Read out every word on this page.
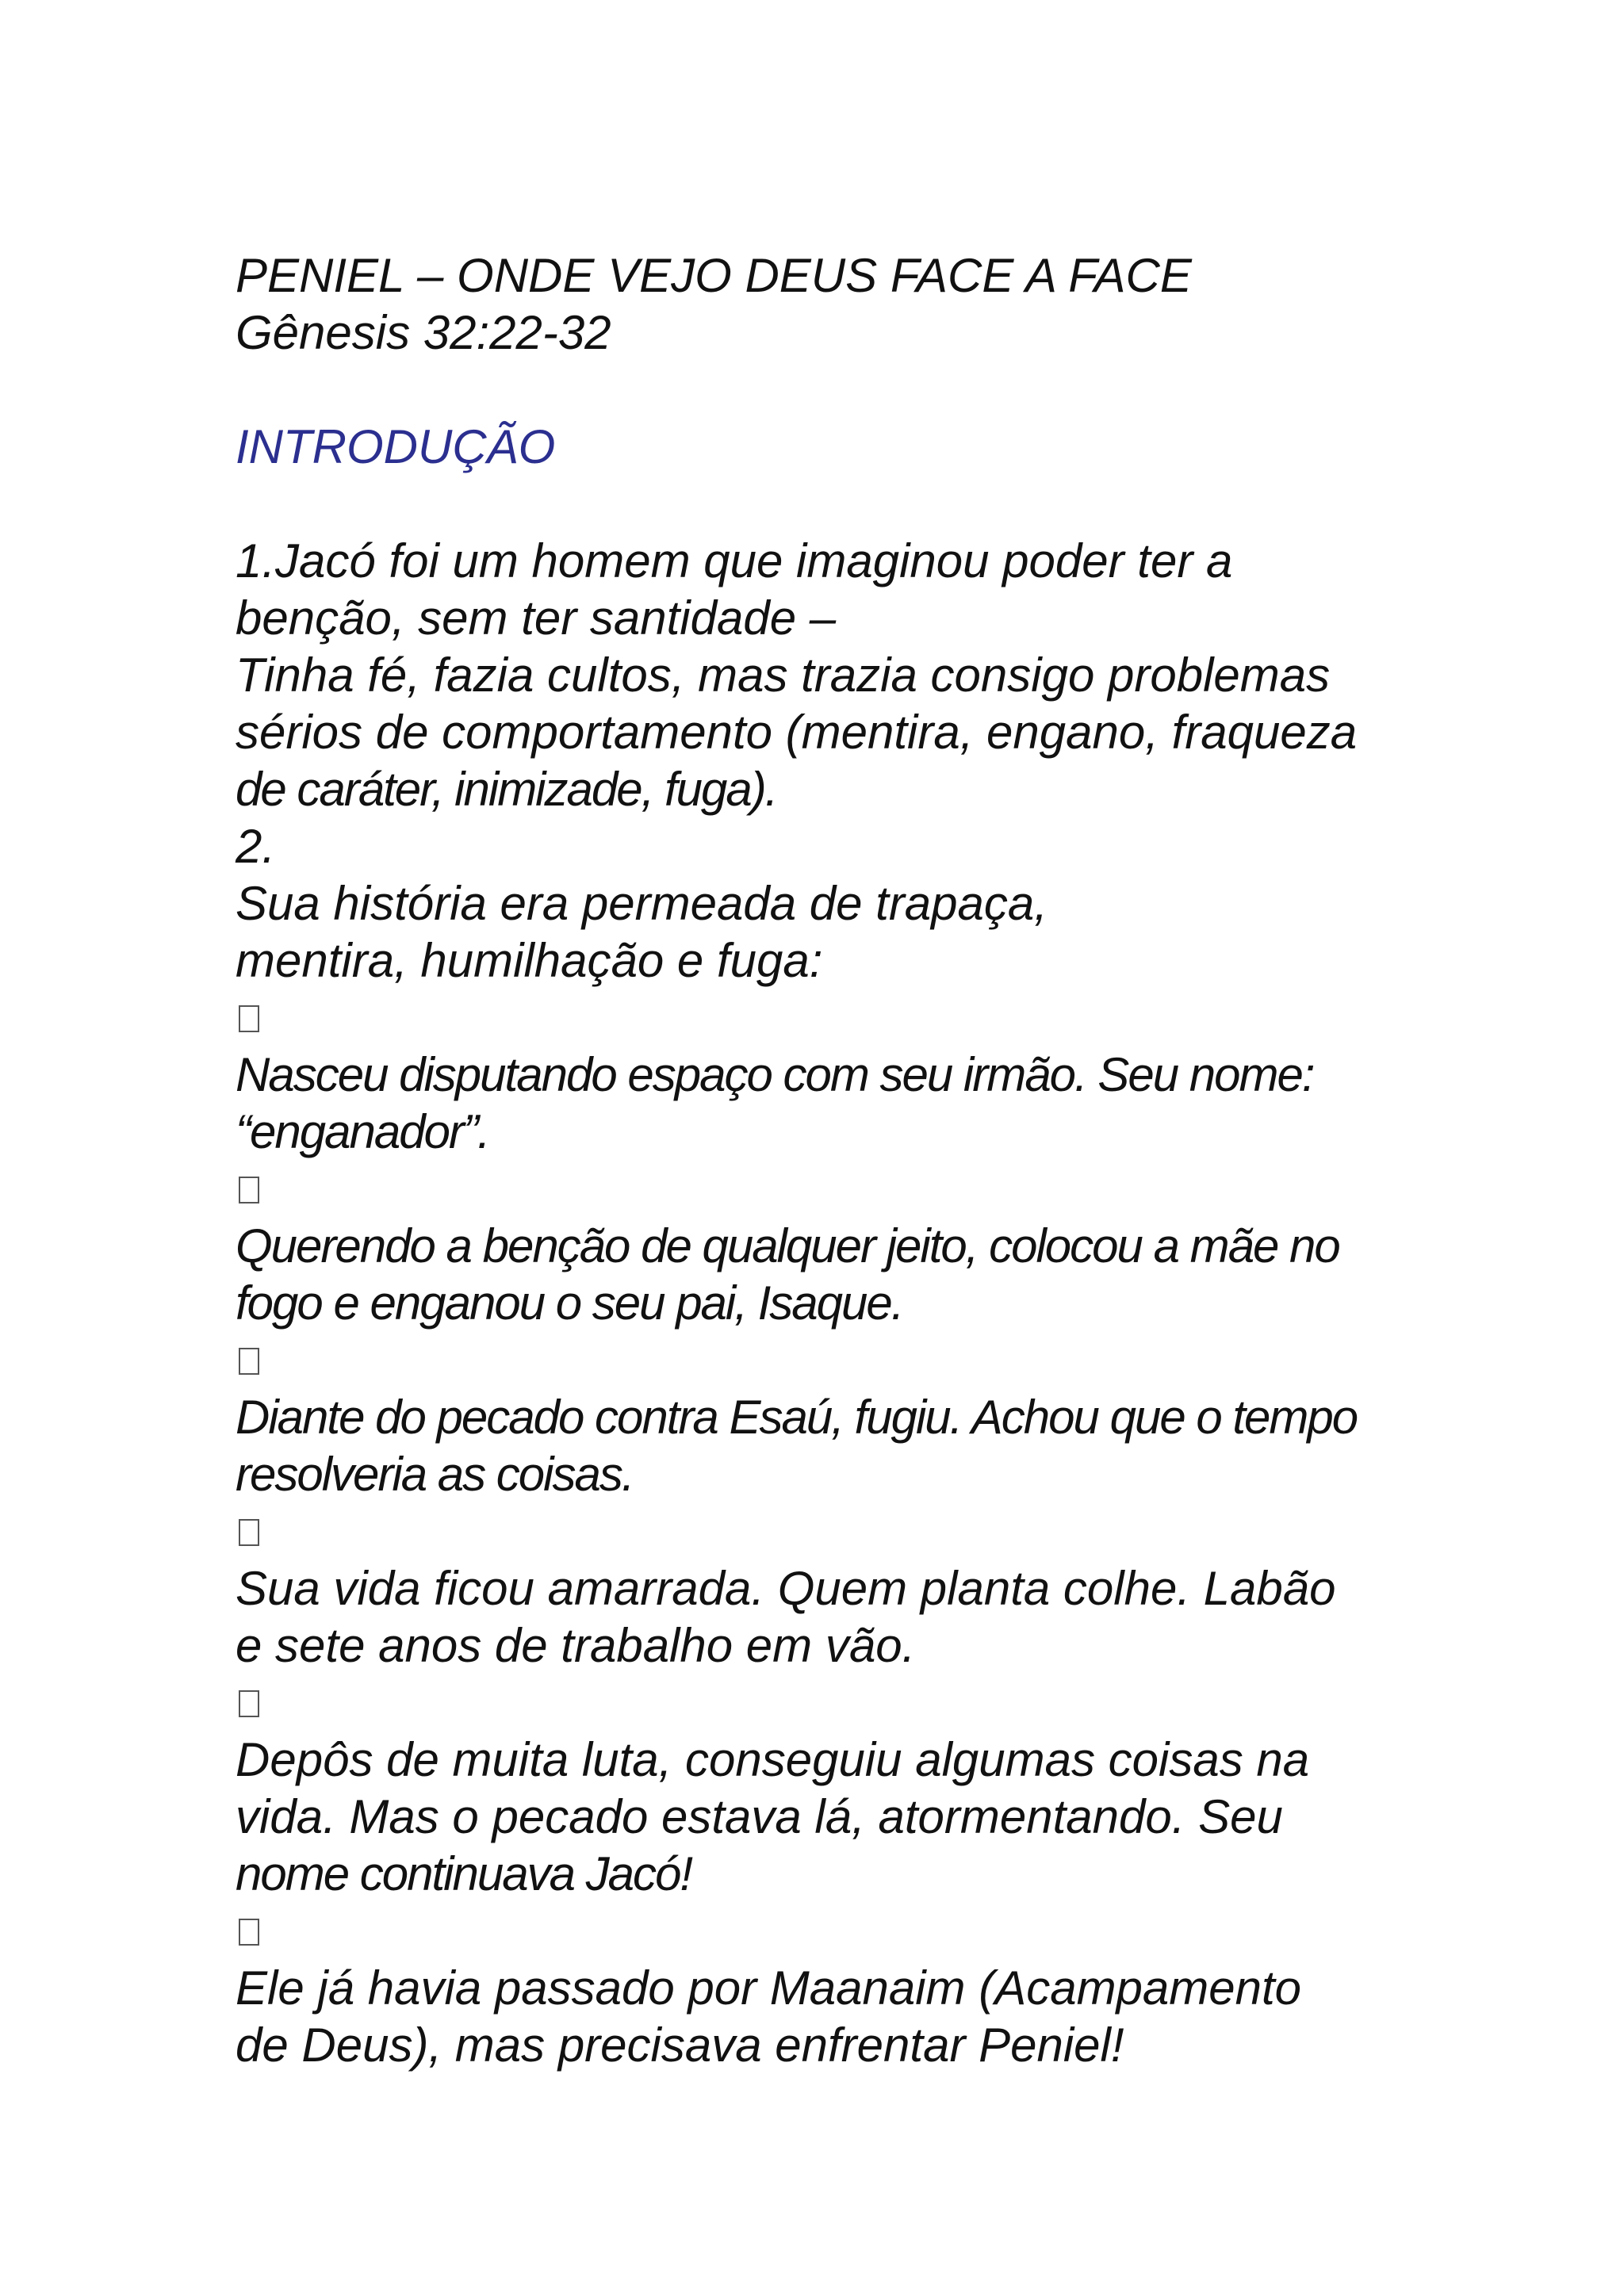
PENIEL – ONDE VEJO DEUS FACE A FACE
Gênesis 32:22-32
INTRODUÇÃO
1.Jacó foi um homem que imaginou poder ter a
benção, sem ter santidade –
Tinha fé, fazia cultos, mas trazia consigo problemas
sérios de comportamento (mentira, engano, fraqueza
de caráter, inimizade, fuga).
2.
Sua história era permeada de trapaça,
mentira, humilhação e fuga:
Nasceu disputando espaço com seu irmão. Seu nome:
“enganador”.
Querendo a benção de qualquer jeito, colocou a mãe no
fogo e enganou o seu pai, Isaque.
Diante do pecado contra Esaú, fugiu. Achou que o tempo
resolveria as coisas.
Sua vida ficou amarrada. Quem planta colhe. Labão
e sete anos de trabalho em vão.
Depôs de muita luta, conseguiu algumas coisas na
vida. Mas o pecado estava lá, atormentando. Seu
nome continuava Jacó!
Ele já havia passado por Maanaim (Acampamento
de Deus), mas precisava enfrentar Peniel!
